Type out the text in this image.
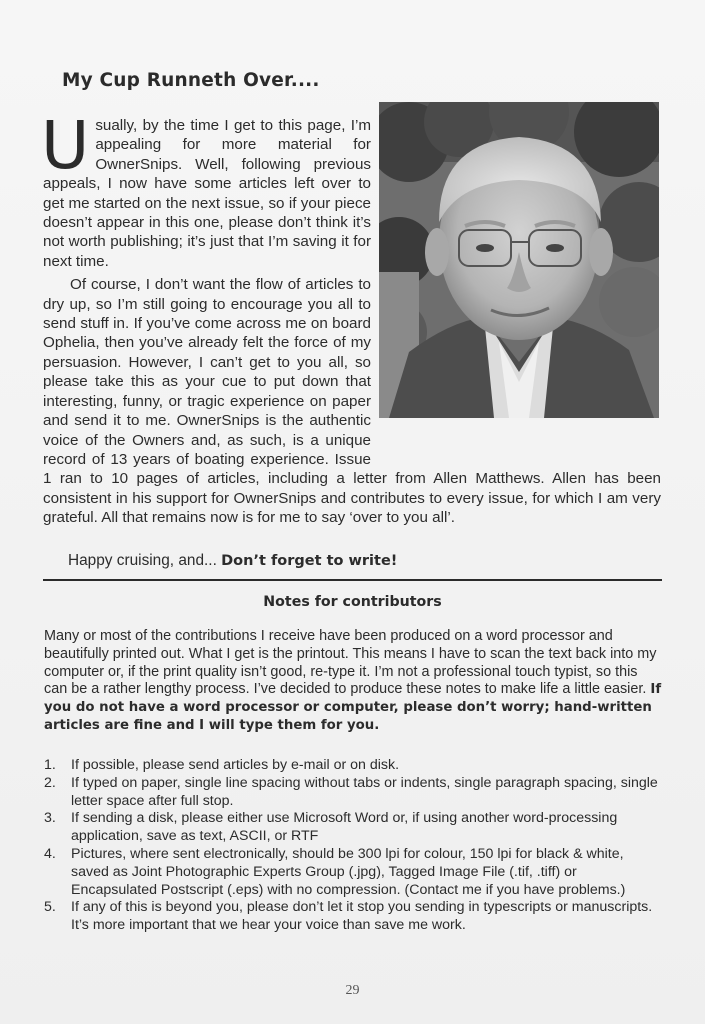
My Cup Runneth Over....

Usually, by the time I get to this page, I’m appealing for more material for OwnerSnips. Well, following previous appeals, I now have some articles left over to get me started on the next issue, so if your piece doesn’t appear in this one, please don’t think it’s not worth publishing; it’s just that I’m saving it for next time.

Of course, I don’t want the flow of articles to dry up, so I’m still going to encourage you all to send stuff in. If you’ve come across me on board Ophelia, then you’ve already felt the force of my persuasion. However, I can’t get to you all, so please take this as your cue to put down that interesting, funny, or tragic experience on paper and send it to me. OwnerSnips is the authentic voice of the Owners and, as such, is a unique record of 13 years of boating experience. Issue 1 ran to 10 pages of articles, including a letter from Allen Matthews. Allen has been consistent in his support for OwnerSnips and contributes to every issue, for which I am very grateful. All that remains now is for me to say ‘over to you all’.

Happy cruising, and... Don’t forget to write!
Notes for contributors

Many or most of the contributions I receive have been produced on a word processor and beautifully printed out. What I get is the printout. This means I have to scan the text back into my computer or, if the print quality isn’t good, re-type it. I’m not a professional touch typist, so this can be a rather lengthy process. I’ve decided to produce these notes to make life a little easier. If you do not have a word processor or computer, please don’t worry; hand-written articles are fine and I will type them for you.

1. If possible, please send articles by e-mail or on disk.
2. If typed on paper, single line spacing without tabs or indents, single paragraph spacing, single letter space after full stop.
3. If sending a disk, please either use Microsoft Word or, if using another word-processing application, save as text, ASCII, or RTF
4. Pictures, where sent electronically, should be 300 lpi for colour, 150 lpi for black & white, saved as Joint Photographic Experts Group (.jpg), Tagged Image File (.tif, .tiff) or Encapsulated Postscript (.eps) with no compression. (Contact me if you have problems.)
5. If any of this is beyond you, please don’t let it stop you sending in typescripts or manuscripts. It’s more important that we hear your voice than save me work.
29
